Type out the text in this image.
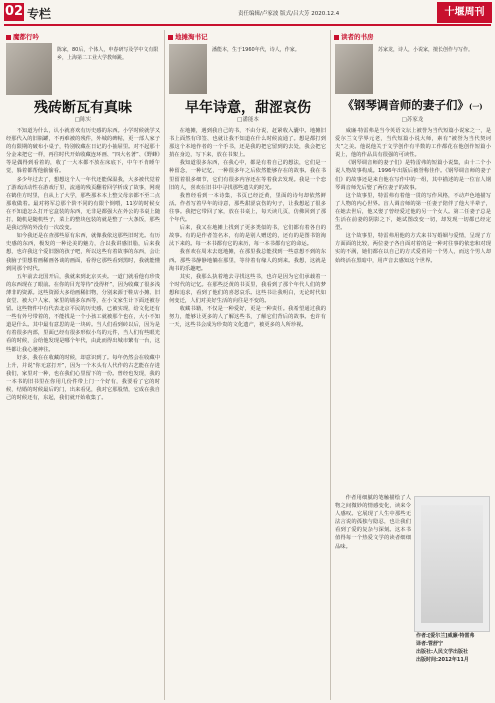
02 专栏	责任编辑/卢家波 版式/吕大芳 2020.12.4	十堰周刊
魔都行吟
陈家，80后，个体人，申春研写及学中文有限乡，上海第二工业大学教师跳。
残砖断瓦有真味
□陈实

不知道为什么，认小就喜欢有历史感的东西。小学时候就学又经那代入的旧瓶罐，不再难被的残件，外城的碑帖，更一部人家子的有限期的破布小桌子，特别收藏在日记的小抽屉里。对不起那十分金来把它一样，再往时代开始收藏连环画、“四大名著”、《野蜂》等是偶得到看着的，收了一大本都不放在床底下，中午不肯睡午觉，躲着都帮他偷偷看。

多少年过去了，想想这个人一年代还能保温我，大多被代觉着了游戏活动性在游戏厅里，流通的残页翻着回学析成了故事，网观在鹤佳方时里，自从上了大学，那些那本本上整父母亲都不至二点那收做着。最对将军总那个阶不同的有限个倒喂，11岁的时候女在不知道怎么打开它盒装的东西，无非是都强大在外公的书桌上随打，随机是随机些子，菜上的整块包装的就是整了一大条饭，那些是我记得的外没有一次改变。

如今我还是在查那些原有东西，就像我依这那些旧时光。有历史感的东西，极发的一种论美的魅力，合以我讲感旧脂，后来我想，也许我这个爱旧器的孩子吧，所以这些有着故事的东西，会让我脑子里想着画稀画各谈的画面，看得它那些看到黑时，我就能懂到同那个时代。

五年前去北国开后，我就来到北京买卖。一道门就看他有珍贵的东西现在了眼前。在你的目光等待“没得杆”，因为收藏了很多浅薄非的资源。这些资源大多给画稀旧物，分别来源于鞋店小摊、旧食堂、被大户人家、家里的墙多东西等，在小文家生计下面还被存留。这些物件中有代表北京平民的历史感，已被实现，给文化还有一些有外号带着的，不能找是一个小孩工就被那个也在，大小不知道是什么。其中最有意思的是一块砖。当人们看到砖以后，因为是有着很多内部，里面已经有很多形似小鸟的元件，当人们有些眼光看的时候，会给他发现是哪个年代，由此而得出城市繁有一台，这些都让我心驰神往。

好多，我在在收藏的时候，却意识到了。每年仍然会在收藏中上升，并说“你无意打开”，因为一个木头有人代作的古艺能在存进我们，家里对一种，也在我们心里留下的一份。曾经也发现，我的一本书的旧书里在你用几份件带上门一个好有，我要看了它的时候，结婚的时候最后的门，出来看见，我对它那股情，它成在我自己的时候还有，东起，我们就开始收集了。

地摊淘书记
潘能本，生于1960年代，诗人，作家。
早年诗意，甜涩哀伤
□潘能本

在地摊，遇到我自己的书，不由分说，赶紧收入囊中。地摊旧书上面然有印签、也就让我不知道在什么时候流通了。想是都打到那这个本地作者的一个手书，还是我的把它留到的去处，我会把它捎在身边，写下来，放在书架上。

我知道很多东西，在我心中，都是有着自己的想法，它们是一种留念，一种记忆，一种很多年之后依然能够存在的故事。我在书里留着很多细节，它们有很多内容还在等着我去发现。我是一个恋旧的人，喜欢在旧书中寻找那些遗失的时光。

我曾经看到一本诗集，书页已经泛黄，里面的诗句却依然鲜活。作者写着早年的诗意，那些甜涩哀伤的句子，让我想起了很多往事。我把它带回了家，放在书桌上，每天读几页，仿佛回到了那个年代。

后来，我又在地摊上找到了更多类似的书，它们都有着各自的故事。有的是作者签名本，有的是别人赠送的，还有的是图书馆淘汰下来的。每一本书都有它的来历，每一本书都有它的命运。

我喜欢在周末去逛地摊，在那里我总能找到一些意想不到的东西。那些书静静地躺在那里，等待着有缘人的到来。我想，这就是淘书的乐趣吧。

其实，我那么执着地去寻找这些书，也许是因为它们承载着一个时代的记忆。在那些泛黄的书页里，我看到了那个年代人们的梦想和追求，看到了他们的喜怒哀乐。这些书让我明白，无论时代如何变迁，人们对美好生活的向往是不变的。

收藏书籍，不仅是一种爱好，更是一种责任。我希望通过我的努力，能够让更多的人了解这些书，了解它们背后的故事。也许有一天，这些书会成为珍贵的文化遗产，被更多的人所珍视。

读者的书房
苏家龙，诗人，小说家，擅长创作与写作。
《钢琴调音师的妻子们》(一)
□苏家龙

威廉·特雷弗是当今英语文坛上被誉为当代短篇小说家之一，是爱尔兰文学界元老，当代短篇小说大师，素有“被誉为当代契诃夫”之美。他说他关于文学创作有半数的工作都花在他创作短篇小说上，他的作品具有很强的可读性。

《钢琴调音师的妻子们》是特雷弗的短篇小说集，由十二个小说人物故事构成。1996年出版后被誉称佳作。《钢琴调音师的妻子们》的故事还是来自他在写作中的一组，其中描述的是一位盲人钢琴调音师先后娶了两位妻子的故事。

这个故事里，特雷弗有着他一贯的写作风格，不动声色地描写了人物的内心世界。盲人调音师的第一任妻子陪伴了他大半辈子，在她去世后，他又娶了曾经爱过他的另一个女人。第二任妻子总是生活在前妻的阴影之下，她试图改变一切，却发现一切都已经定型。

这个故事里，特雷弗用他的方式来书写婚姻与爱情，呈现了方方面面的比较，两位妻子各自面对着的是一种对往事的依恋和对现实的不满，她们都在以自己的方式爱着同一个男人，而这个男人却始终活在黑暗中，用声音去感知这个世界。

作者用细腻的笔触描绘了人物之间微妙的情感变化，读来令人感叹。它展现了人生中那些无法言说的孤独与隐忍，也让我们看到了爱的复杂与深刻。这本书值得每一个热爱文学的读者细细品味。

作者:[爱尔兰]威廉·特雷弗
译者:管舒宁
出版社:人民文学出版社
出版时间:2012年11月
